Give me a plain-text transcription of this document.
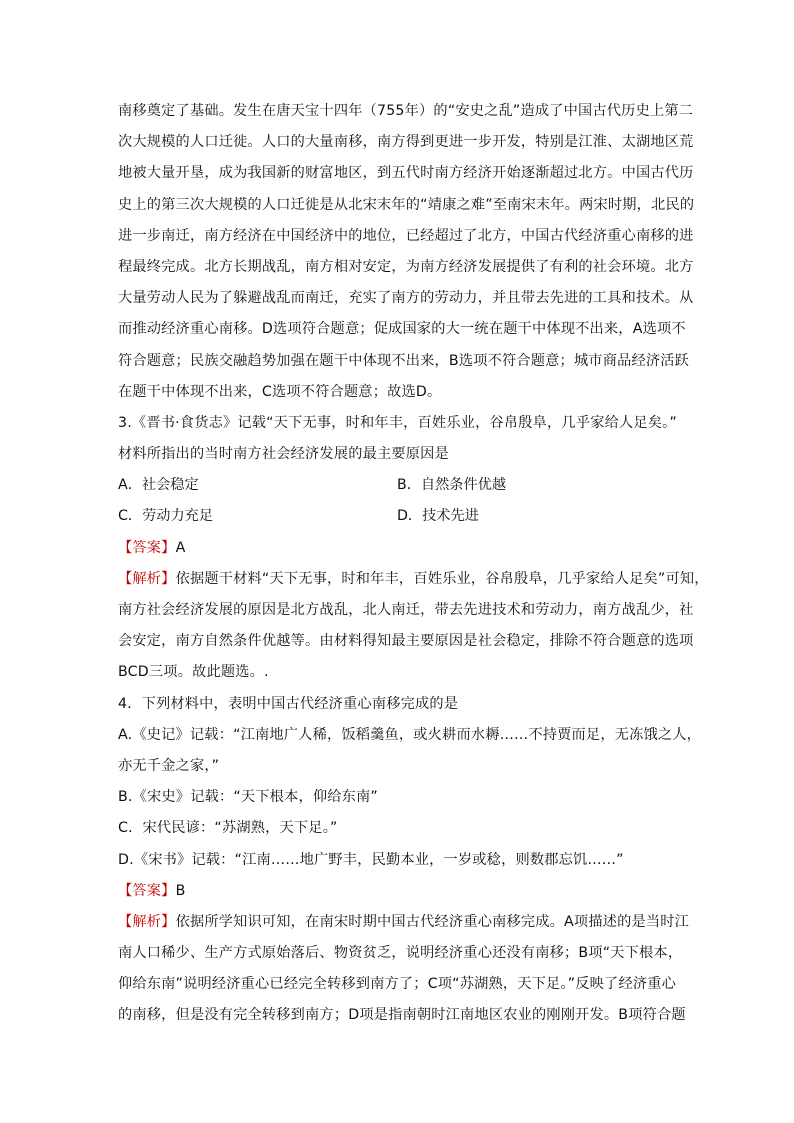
南移奠定了基础。发生在唐天宝十四年（755年）的“安史之乱”造成了中国古代历史上第二
次大规模的人口迁徙。人口的大量南移，南方得到更进一步开发，特别是江淮、太湖地区荒
地被大量开垦，成为我国新的财富地区，到五代时南方经济开始逐渐超过北方。中国古代历
史上的第三次大规模的人口迁徙是从北宋末年的“靖康之难”至南宋末年。两宋时期，北民的
进一步南迁，南方经济在中国经济中的地位，已经超过了北方，中国古代经济重心南移的进
程最终完成。北方长期战乱，南方相对安定，为南方经济发展提供了有利的社会环境。北方
大量劳动人民为了躲避战乱而南迁，充实了南方的劳动力，并且带去先进的工具和技术。从
而推动经济重心南移。D选项符合题意；促成国家的大一统在题干中体现不出来，A选项不
符合题意；民族交融趋势加强在题干中体现不出来，B选项不符合题意；城市商品经济活跃
在题干中体现不出来，C选项不符合题意；故选D。
3.《晋书·食货志》记载“天下无事，时和年丰，百姓乐业，谷帛殷阜，几乎家给人足矣。”
材料所指出的当时南方社会经济发展的最主要原因是
A．社会稳定	B．自然条件优越
C．劳动力充足	D．技术先进
【答案】A
【解析】依据题干材料“天下无事，时和年丰，百姓乐业，谷帛殷阜，几乎家给人足矣”可知，
南方社会经济发展的原因是北方战乱，北人南迁，带去先进技术和劳动力，南方战乱少，社
会安定，南方自然条件优越等。由材料得知最主要原因是社会稳定，排除不符合题意的选项
BCD三项。故此题选。.
4．下列材料中，表明中国古代经济重心南移完成的是
A.《史记》记载：“江南地广人稀，饭稻羹鱼，或火耕而水耨……不持贾而足，无冻饿之人，
亦无千金之家，”
B.《宋史》记载：“天下根本，仰给东南”
C．宋代民谚：“苏湖熟，天下足。”
D.《宋书》记载：“江南……地广野丰，民勤本业，一岁或稔，则数郡忘饥……”
【答案】B
【解析】依据所学知识可知，在南宋时期中国古代经济重心南移完成。A项描述的是当时江
南人口稀少、生产方式原始落后、物资贫乏，说明经济重心还没有南移；B项“天下根本，
仰给东南”说明经济重心已经完全转移到南方了；C项“苏湖熟，天下足。”反映了经济重心
的南移，但是没有完全转移到南方；D项是指南朝时江南地区农业的刚刚开发。B项符合题
